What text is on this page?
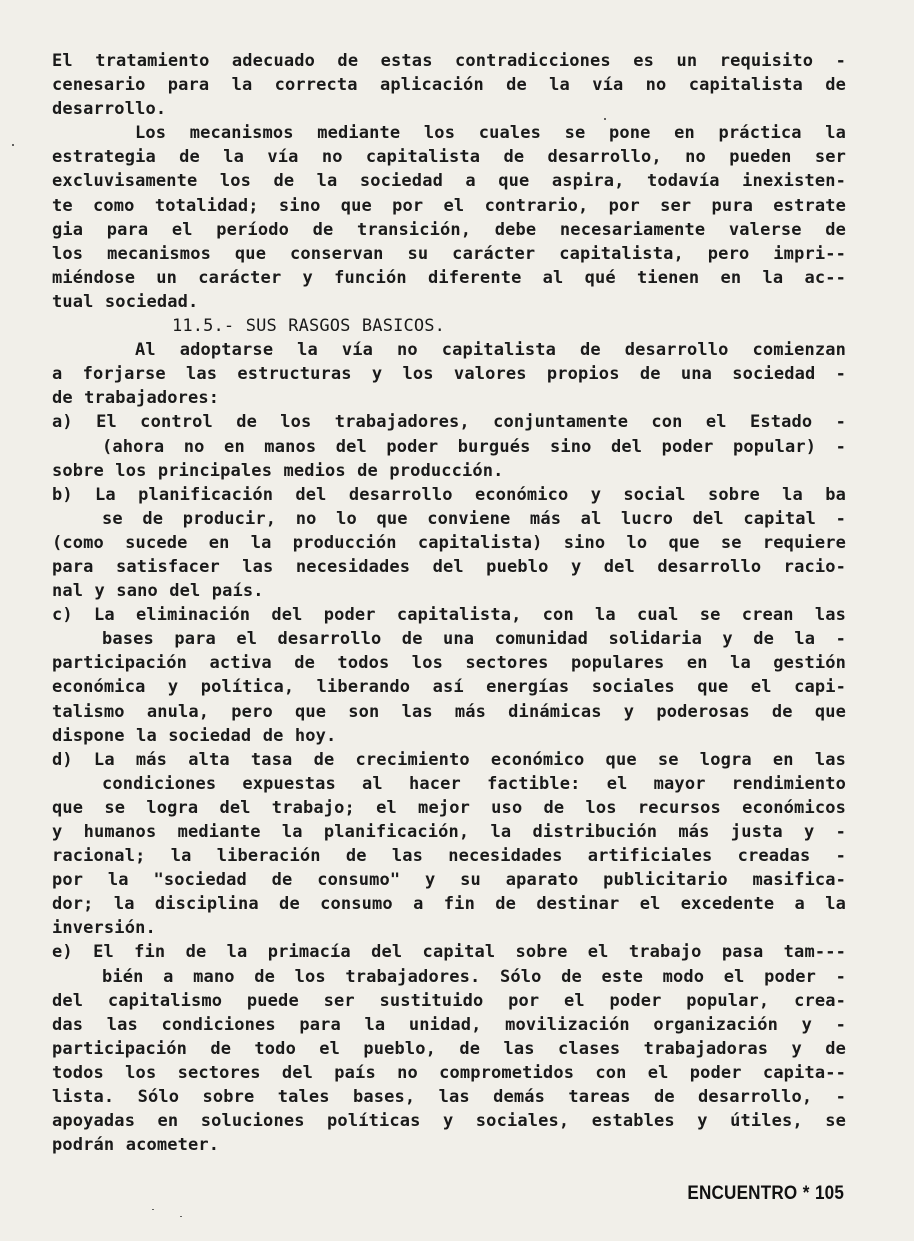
El tratamiento adecuado de estas contradicciones es un requisito -
cenesario para la correcta aplicación de la vía no capitalista de
desarrollo.
Los mecanismos mediante los cuales se pone en práctica la
estrategia de la vía no capitalista de desarrollo, no pueden ser
excluvisamente los de la sociedad a que aspira, todavía inexisten-
te como totalidad; sino que por el contrario, por ser pura estrate
gia para el período de transición, debe necesariamente valerse de
los mecanismos que conservan su carácter capitalista, pero impri--
miéndose un carácter y función diferente al qué tienen en la ac--
tual sociedad.
11.5.- SUS RASGOS BASICOS.
Al adoptarse la vía no capitalista de desarrollo comienzan
a forjarse las estructuras y los valores propios de una sociedad -
de trabajadores:
a) El control de los trabajadores, conjuntamente con el Estado -
(ahora no en manos del poder burgués sino del poder popular) -
sobre los principales medios de producción.
b) La planificación del desarrollo económico y social sobre la ba
se de producir, no lo que conviene más al lucro del capital -
(como sucede en la producción capitalista) sino lo que se requiere
para satisfacer las necesidades del pueblo y del desarrollo racio-
nal y sano del país.
c) La eliminación del poder capitalista, con la cual se crean las
bases para el desarrollo de una comunidad solidaria y de la -
participación activa de todos los sectores populares en la gestión
económica y política, liberando así energías sociales que el capi-
talismo anula, pero que son las más dinámicas y poderosas de que
dispone la sociedad de hoy.
d) La más alta tasa de crecimiento económico que se logra en las
condiciones expuestas al hacer factible: el mayor rendimiento
que se logra del trabajo; el mejor uso de los recursos económicos
y humanos mediante la planificación, la distribución más justa y -
racional; la liberación de las necesidades artificiales creadas -
por la "sociedad de consumo" y su aparato publicitario masifica-
dor; la disciplina de consumo a fin de destinar el excedente a la
inversión.
e) El fin de la primacía del capital sobre el trabajo pasa tam---
bién a mano de los trabajadores. Sólo de este modo el poder -
del capitalismo puede ser sustituido por el poder popular, crea-
das las condiciones para la unidad, movilización organización y -
participación de todo el pueblo, de las clases trabajadoras y de
todos los sectores del país no comprometidos con el poder capita--
lista. Sólo sobre tales bases, las demás tareas de desarrollo, -
apoyadas en soluciones políticas y sociales, estables y útiles, se
podrán acometer.
ENCUENTRO * 105
